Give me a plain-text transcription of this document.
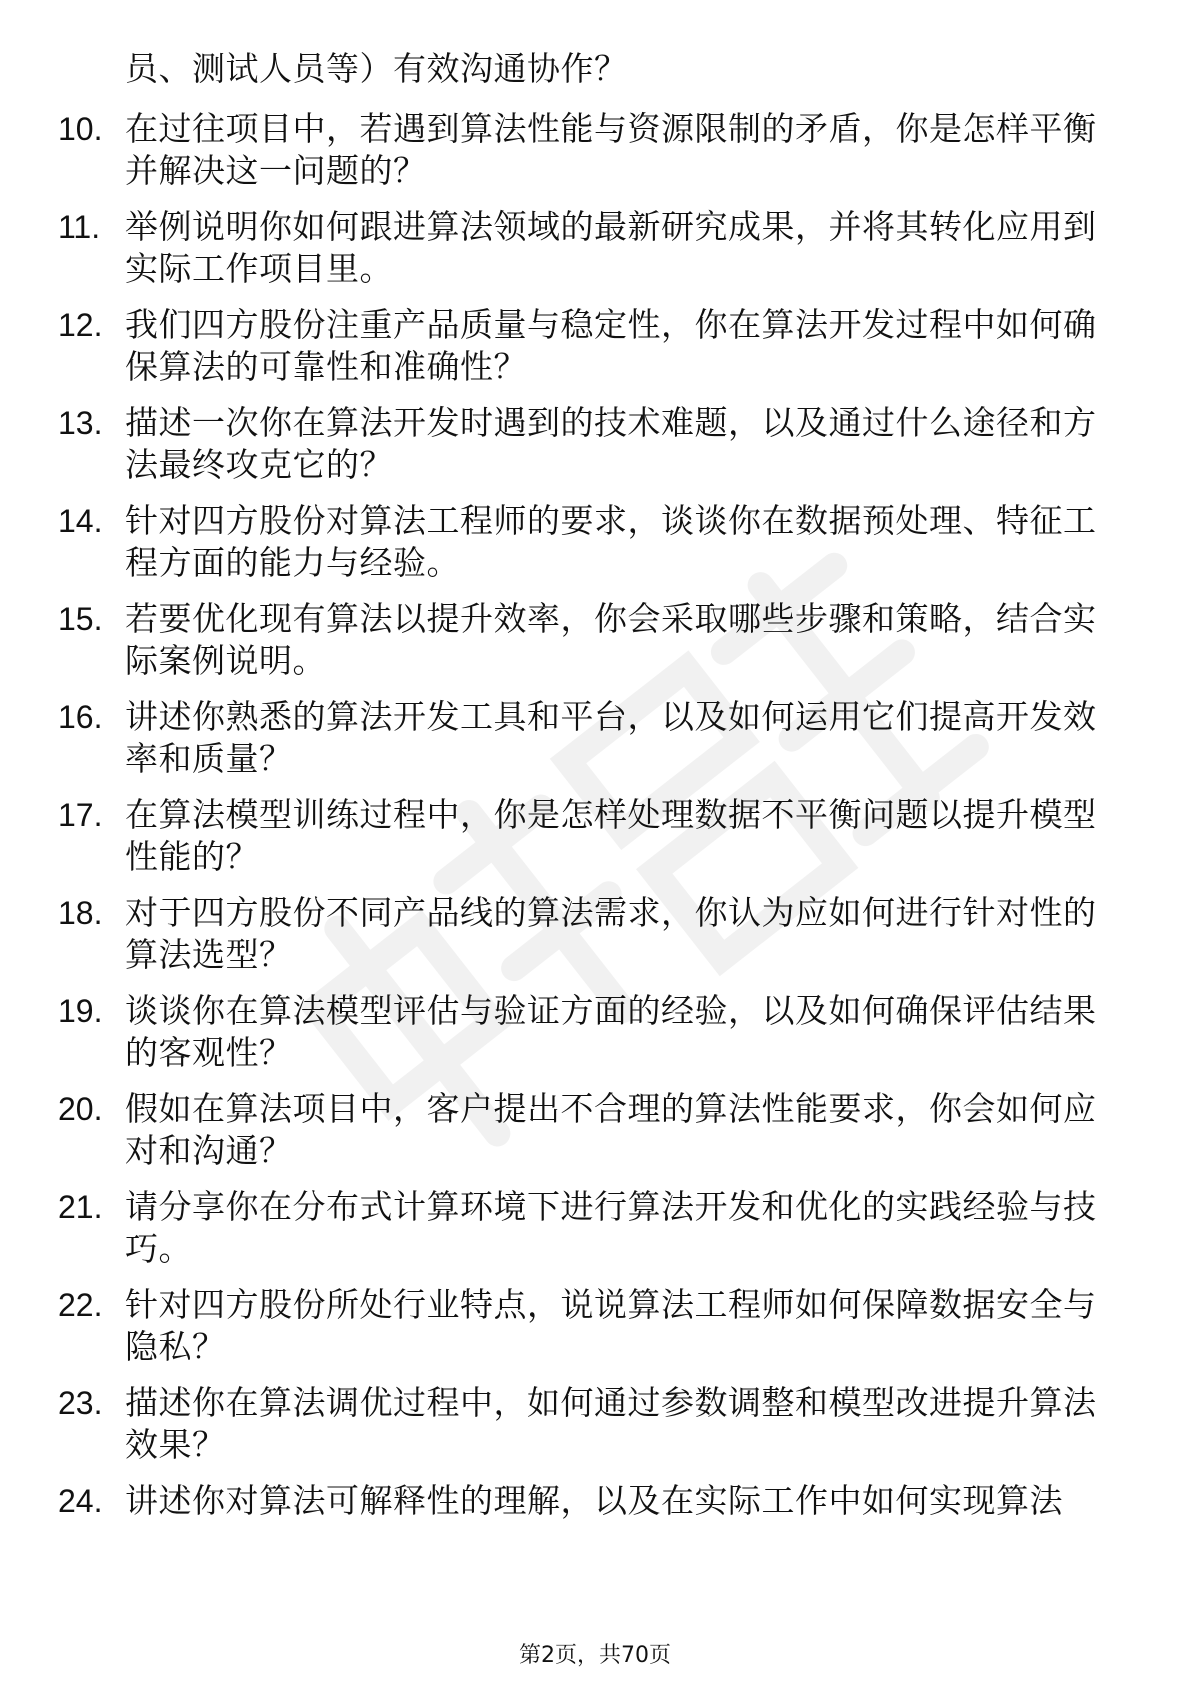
员、测试人员等）有效沟通协作？
10. 在过往项目中，若遇到算法性能与资源限制的矛盾，你是怎样平衡并解决这一问题的？
11. 举例说明你如何跟进算法领域的最新研究成果，并将其转化应用到实际工作项目里。
12. 我们四方股份注重产品质量与稳定性，你在算法开发过程中如何确保算法的可靠性和准确性？
13. 描述一次你在算法开发时遇到的技术难题，以及通过什么途径和方法最终攻克它的？
14. 针对四方股份对算法工程师的要求，谈谈你在数据预处理、特征工程方面的能力与经验。
15. 若要优化现有算法以提升效率，你会采取哪些步骤和策略，结合实际案例说明。
16. 讲述你熟悉的算法开发工具和平台，以及如何运用它们提高开发效率和质量？
17. 在算法模型训练过程中，你是怎样处理数据不平衡问题以提升模型性能的？
18. 对于四方股份不同产品线的算法需求，你认为应如何进行针对性的算法选型？
19. 谈谈你在算法模型评估与验证方面的经验，以及如何确保评估结果的客观性？
20. 假如在算法项目中，客户提出不合理的算法性能要求，你会如何应对和沟通？
21. 请分享你在分布式计算环境下进行算法开发和优化的实践经验与技巧。
22. 针对四方股份所处行业特点，说说算法工程师如何保障数据安全与隐私？
23. 描述你在算法调优过程中，如何通过参数调整和模型改进提升算法效果？
24. 讲述你对算法可解释性的理解，以及在实际工作中如何实现算法
第2页，共70页
